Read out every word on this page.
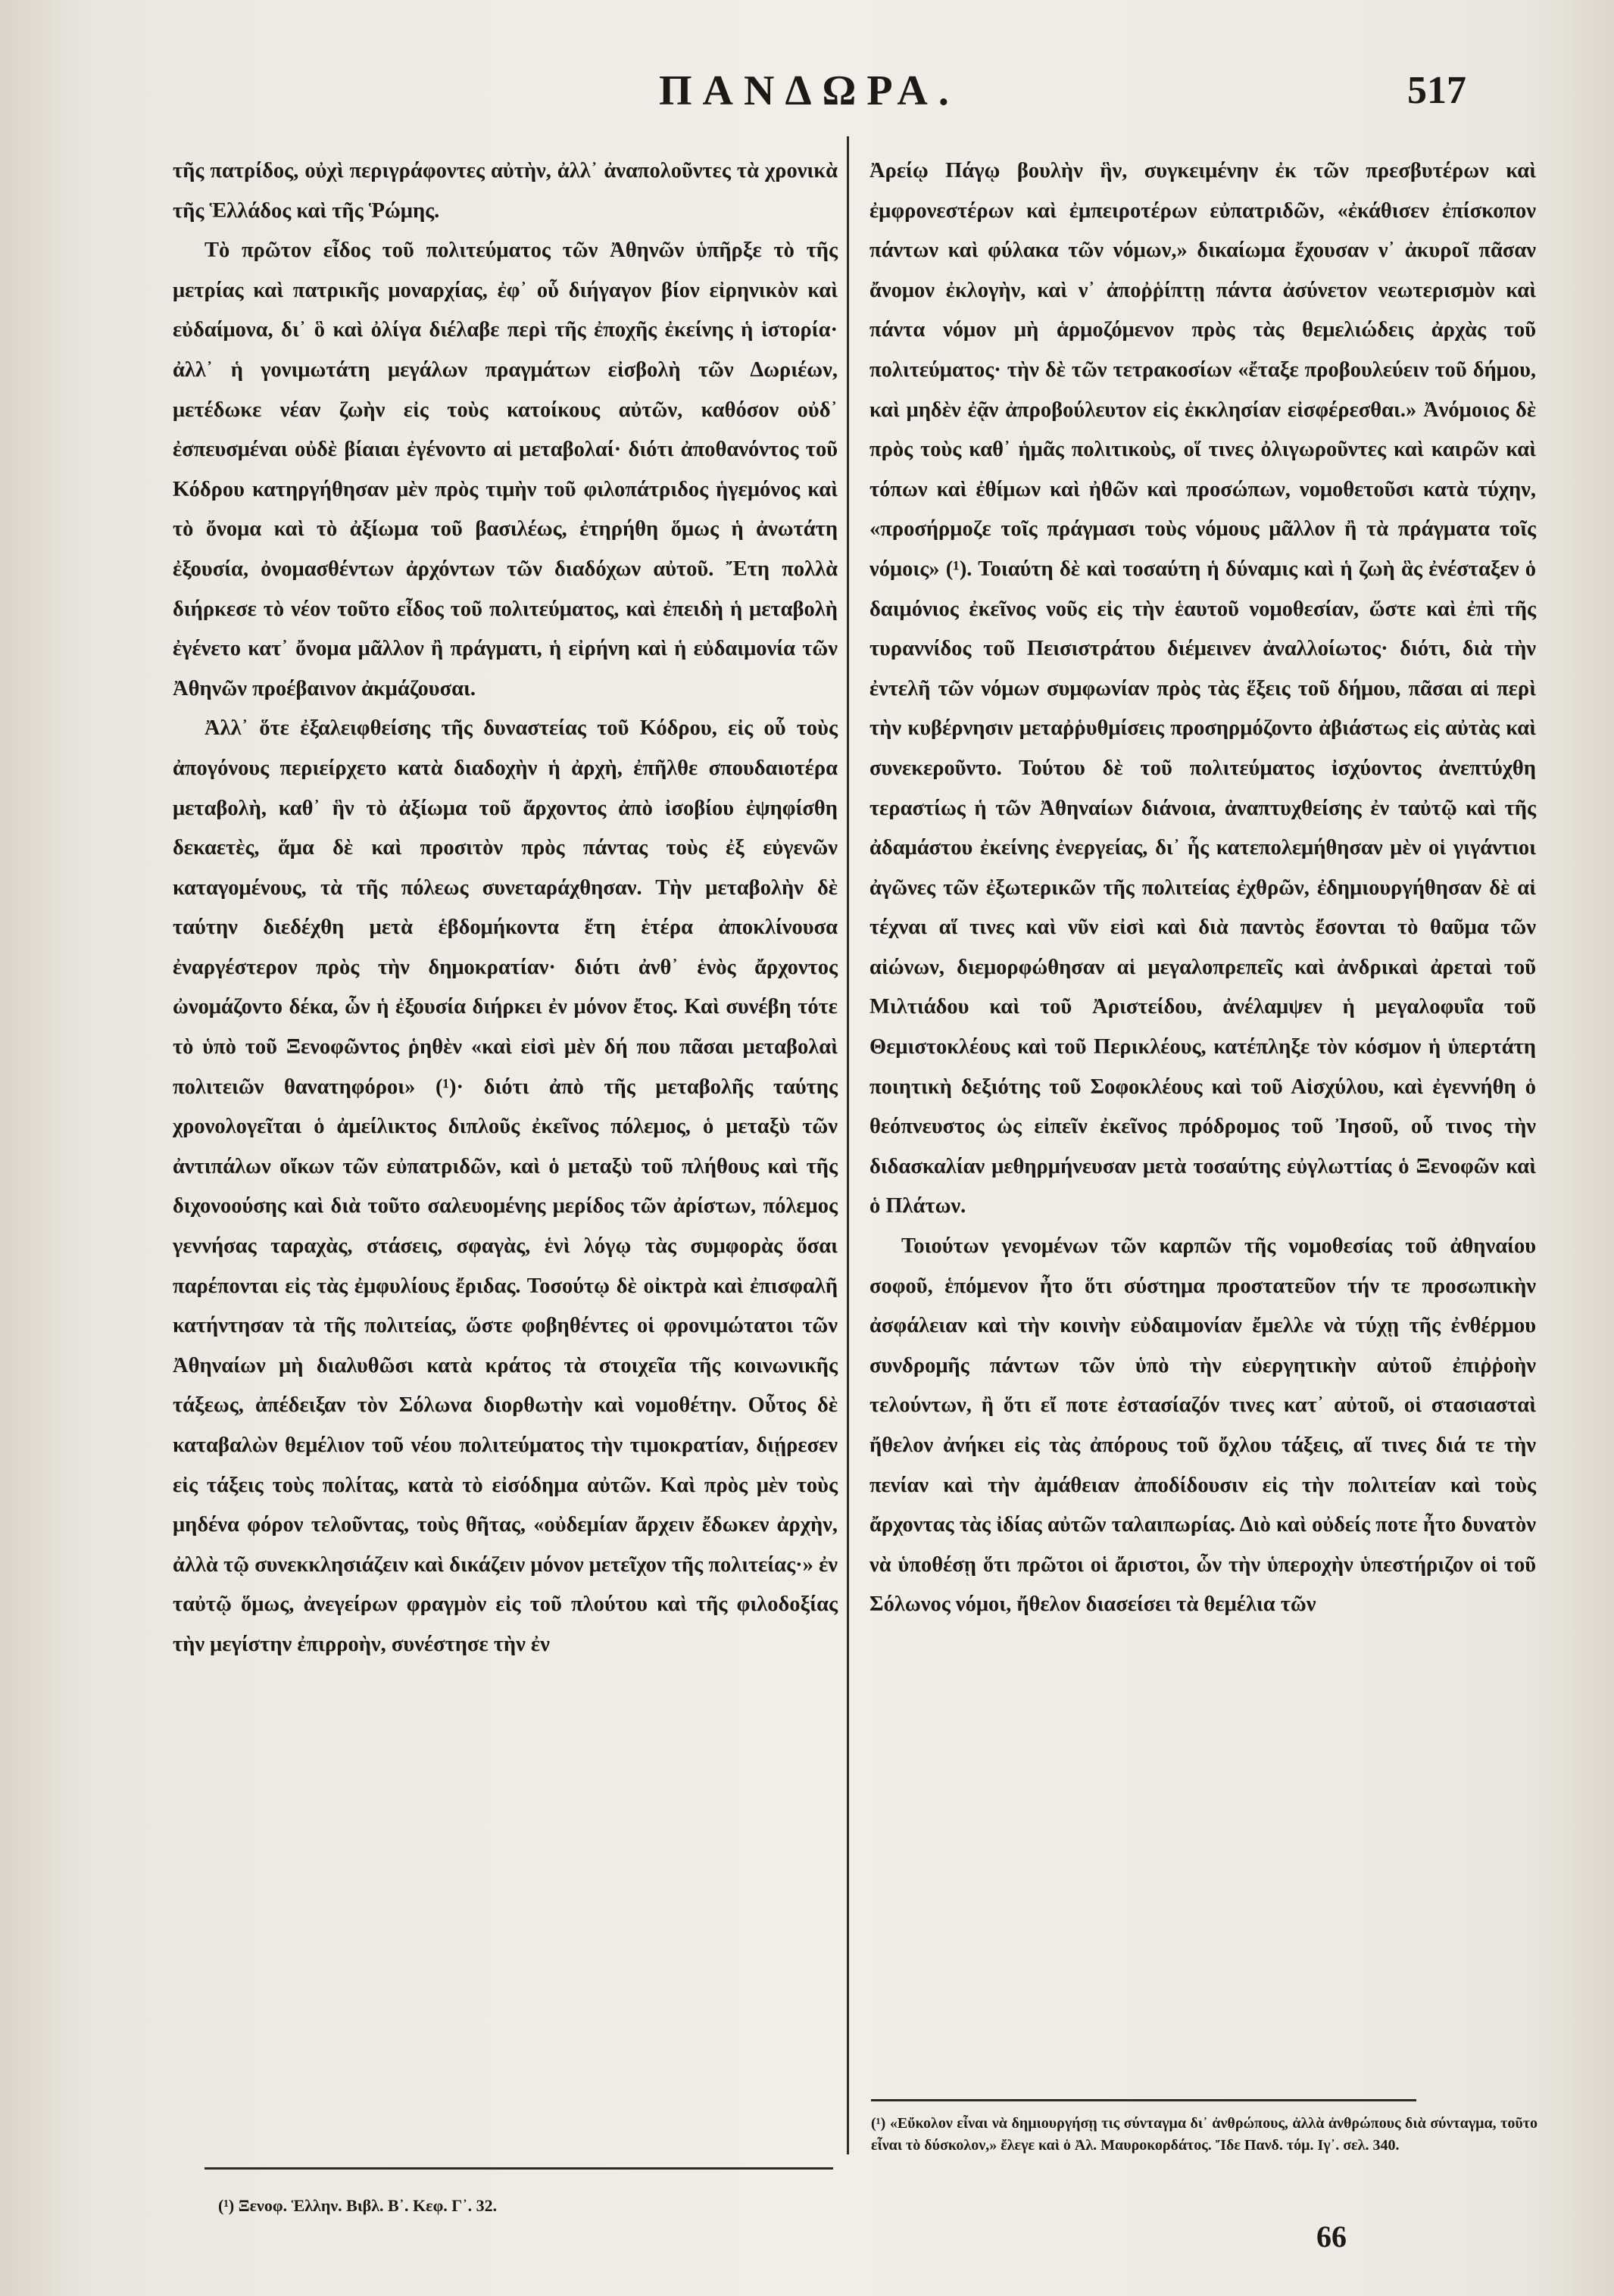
ΠΑΝΔΩΡΑ.	517

τῆς πατρίδος, οὐχὶ περιγράφοντες αὐτὴν, ἀλλ᾽ ἀναπολοῦντες τὰ χρονικὰ τῆς Ἑλλάδος καὶ τῆς Ῥώμης.

Τὸ πρῶτον εἶδος τοῦ πολιτεύματος τῶν Ἀθηνῶν ὑπῆρξε τὸ τῆς μετρίας καὶ πατρικῆς μοναρχίας, ἐφ᾽ οὗ διήγαγον βίον εἰρηνικὸν καὶ εὐδαίμονα, δι᾽ ὃ καὶ ὀλίγα διέλαβε περὶ τῆς ἐποχῆς ἐκείνης ἡ ἱστορία· ἀλλ᾽ ἡ γονιμωτάτη μεγάλων πραγμάτων εἰσβολὴ τῶν Δωριέων, μετέδωκε νέαν ζωὴν εἰς τοὺς κατοίκους αὐτῶν, καθόσον οὐδ᾽ ἐσπευσμέναι οὐδὲ βίαιαι ἐγένοντο αἱ μεταβολαί· διότι ἀποθανόντος τοῦ Κόδρου κατηργήθησαν μὲν πρὸς τιμὴν τοῦ φιλοπάτριδος ἡγεμόνος καὶ τὸ ὄνομα καὶ τὸ ἀξίωμα τοῦ βασιλέως, ἐτηρήθη ὅμως ἡ ἀνωτάτη ἐξουσία, ὀνομασθέντων ἀρχόντων τῶν διαδόχων αὐτοῦ. Ἔτη πολλὰ διήρκεσε τὸ νέον τοῦτο εἶδος τοῦ πολιτεύματος, καὶ ἐπειδὴ ἡ μεταβολὴ ἐγένετο κατ᾽ ὄνομα μᾶλλον ἢ πράγματι, ἡ εἰρήνη καὶ ἡ εὐδαιμονία τῶν Ἀθηνῶν προέβαινον ἀκμάζουσαι.

Ἀλλ᾽ ὅτε ἐξαλειφθείσης τῆς δυναστείας τοῦ Κόδρου, εἰς οὗ τοὺς ἀπογόνους περιείρχετο κατὰ διαδοχὴν ἡ ἀρχὴ, ἐπῆλθε σπουδαιοτέρα μεταβολὴ, καθ᾽ ἣν τὸ ἀξίωμα τοῦ ἄρχοντος ἀπὸ ἰσοβίου ἐψηφίσθη δεκαετὲς, ἅμα δὲ καὶ προσιτὸν πρὸς πάντας τοὺς ἐξ εὐγενῶν καταγομένους, τὰ τῆς πόλεως συνεταράχθησαν. Τὴν μεταβολὴν δὲ ταύτην διεδέχθη μετὰ ἑβδομήκοντα ἔτη ἑτέρα ἀποκλίνουσα ἐναργέστερον πρὸς τὴν δημοκρατίαν· διότι ἀνθ᾽ ἑνὸς ἄρχοντος ὠνομάζοντο δέκα, ὧν ἡ ἐξουσία διήρκει ἐν μόνον ἔτος. Καὶ συνέβη τότε τὸ ὑπὸ τοῦ Ξενοφῶντος ῥηθὲν «καὶ εἰσὶ μὲν δή που πᾶσαι μεταβολαὶ πολιτειῶν θανατηφόροι» (¹)· διότι ἀπὸ τῆς μεταβολῆς ταύτης χρονολογεῖται ὁ ἀμείλικτος διπλοῦς ἐκεῖνος πόλεμος, ὁ μεταξὺ τῶν ἀντιπάλων οἴκων τῶν εὐπατριδῶν, καὶ ὁ μεταξὺ τοῦ πλήθους καὶ τῆς διχονοούσης καὶ διὰ τοῦτο σαλευομένης μερίδος τῶν ἀρίστων, πόλεμος γεννήσας ταραχὰς, στάσεις, σφαγὰς, ἑνὶ λόγῳ τὰς συμφορὰς ὅσαι παρέπονται εἰς τὰς ἐμφυλίους ἔριδας. Τοσούτῳ δὲ οἰκτρὰ καὶ ἐπισφαλῆ κατήντησαν τὰ τῆς πολιτείας, ὥστε φοβηθέντες οἱ φρονιμώτατοι τῶν Ἀθηναίων μὴ διαλυθῶσι κατὰ κράτος τὰ στοιχεῖα τῆς κοινωνικῆς τάξεως, ἀπέδειξαν τὸν Σόλωνα διορθωτὴν καὶ νομοθέτην. Οὗτος δὲ καταβαλὼν θεμέλιον τοῦ νέου πολιτεύματος τὴν τιμοκρατίαν, διῄρεσεν εἰς τάξεις τοὺς πολίτας, κατὰ τὸ εἰσόδημα αὐτῶν. Καὶ πρὸς μὲν τοὺς μηδένα φόρον τελοῦντας, τοὺς θῆτας, «οὐδεμίαν ἄρχειν ἔδωκεν ἀρχὴν, ἀλλὰ τῷ συνεκκλησιάζειν καὶ δικάζειν μόνον μετεῖχον τῆς πολιτείας·» ἐν ταὐτῷ ὅμως, ἀνεγείρων φραγμὸν εἰς τοῦ πλούτου καὶ τῆς φιλοδοξίας τὴν μεγίστην ἐπιρροὴν, συνέστησε τὴν ἐν

Ἀρείῳ Πάγῳ βουλὴν ἣν, συγκειμένην ἐκ τῶν πρεσβυτέρων καὶ ἐμφρονεστέρων καὶ ἐμπειροτέρων εὐπατριδῶν, «ἐκάθισεν ἐπίσκοπον πάντων καὶ φύλακα τῶν νόμων,» δικαίωμα ἔχουσαν ν᾽ ἀκυροῖ πᾶσαν ἄνομον ἐκλογὴν, καὶ ν᾽ ἀποῤῥίπτῃ πάντα ἀσύνετον νεωτερισμὸν καὶ πάντα νόμον μὴ ἁρμοζόμενον πρὸς τὰς θεμελιώδεις ἀρχὰς τοῦ πολιτεύματος· τὴν δὲ τῶν τετρακοσίων «ἔταξε προβουλεύειν τοῦ δήμου, καὶ μηδὲν ἐᾷν ἀπροβούλευτον εἰς ἐκκλησίαν εἰσφέρεσθαι.» Ἀνόμοιος δὲ πρὸς τοὺς καθ᾽ ἡμᾶς πολιτικοὺς, οἵ τινες ὀλιγωροῦντες καὶ καιρῶν καὶ τόπων καὶ ἐθίμων καὶ ἠθῶν καὶ προσώπων, νομοθετοῦσι κατὰ τύχην, «προσήρμοζε τοῖς πράγμασι τοὺς νόμους μᾶλλον ἢ τὰ πράγματα τοῖς νόμοις» (¹). Τοιαύτη δὲ καὶ τοσαύτη ἡ δύναμις καὶ ἡ ζωὴ ἃς ἐνέσταξεν ὁ δαιμόνιος ἐκεῖνος νοῦς εἰς τὴν ἑαυτοῦ νομοθεσίαν, ὥστε καὶ ἐπὶ τῆς τυραννίδος τοῦ Πεισιστράτου διέμεινεν ἀναλλοίωτος· διότι, διὰ τὴν ἐντελῆ τῶν νόμων συμφωνίαν πρὸς τὰς ἕξεις τοῦ δήμου, πᾶσαι αἱ περὶ τὴν κυβέρνησιν μεταῤῥυθμίσεις προσηρμόζοντο ἀβιάστως εἰς αὐτὰς καὶ συνεκεροῦντο. Τούτου δὲ τοῦ πολιτεύματος ἰσχύοντος ἀνεπτύχθη τεραστίως ἡ τῶν Ἀθηναίων διάνοια, ἀναπτυχθείσης ἐν ταὐτῷ καὶ τῆς ἀδαμάστου ἐκείνης ἐνεργείας, δι᾽ ἧς κατεπολεμήθησαν μὲν οἱ γιγάντιοι ἀγῶνες τῶν ἐξωτερικῶν τῆς πολιτείας ἐχθρῶν, ἐδημιουργήθησαν δὲ αἱ τέχναι αἵ τινες καὶ νῦν εἰσὶ καὶ διὰ παντὸς ἔσονται τὸ θαῦμα τῶν αἰώνων, διεμορφώθησαν αἱ μεγαλοπρεπεῖς καὶ ἀνδρικαὶ ἀρεταὶ τοῦ Μιλτιάδου καὶ τοῦ Ἀριστείδου, ἀνέλαμψεν ἡ μεγαλοφυΐα τοῦ Θεμιστοκλέους καὶ τοῦ Περικλέους, κατέπληξε τὸν κόσμον ἡ ὑπερτάτη ποιητικὴ δεξιότης τοῦ Σοφοκλέους καὶ τοῦ Αἰσχύλου, καὶ ἐγεννήθη ὁ θεόπνευστος ὡς εἰπεῖν ἐκεῖνος πρόδρομος τοῦ Ἰησοῦ, οὗ τινος τὴν διδασκαλίαν μεθηρμήνευσαν μετὰ τοσαύτης εὐγλωττίας ὁ Ξενοφῶν καὶ ὁ Πλάτων.

Τοιούτων γενομένων τῶν καρπῶν τῆς νομοθεσίας τοῦ ἀθηναίου σοφοῦ, ἑπόμενον ἦτο ὅτι σύστημα προστατεῦον τήν τε προσωπικὴν ἀσφάλειαν καὶ τὴν κοινὴν εὐδαιμονίαν ἔμελλε νὰ τύχῃ τῆς ἐνθέρμου συνδρομῆς πάντων τῶν ὑπὸ τὴν εὐεργητικὴν αὐτοῦ ἐπιῤῥοὴν τελούντων, ἢ ὅτι εἴ ποτε ἐστασίαζόν τινες κατ᾽ αὐτοῦ, οἱ στασιασταὶ ἤθελον ἀνήκει εἰς τὰς ἀπόρους τοῦ ὄχλου τάξεις, αἵ τινες διά τε τὴν πενίαν καὶ τὴν ἀμάθειαν ἀποδίδουσιν εἰς τὴν πολιτείαν καὶ τοὺς ἄρχοντας τὰς ἰδίας αὐτῶν ταλαιπωρίας. Διὸ καὶ οὐδείς ποτε ἦτο δυνατὸν νὰ ὑποθέσῃ ὅτι πρῶτοι οἱ ἄριστοι, ὧν τὴν ὑπεροχὴν ὑπεστήριζον οἱ τοῦ Σόλωνος νόμοι, ἤθελον διασείσει τὰ θεμέλια τῶν

(¹) Ξενοφ. Ἑλλην. Βιβλ. Β᾽. Κεφ. Γ᾽. 32.
(¹) «Εὔκολον εἶναι νὰ δημιουργήσῃ τις σύνταγμα δι᾽ ἀνθρώπους, ἀλλὰ ἀνθρώπους διὰ σύνταγμα, τοῦτο εἶναι τὸ δύσκολον,» ἔλεγε καὶ ὁ Ἀλ. Μαυροκορδάτος. Ἴδε Πανδ. τόμ. Ιγ᾽. σελ. 340.
66
